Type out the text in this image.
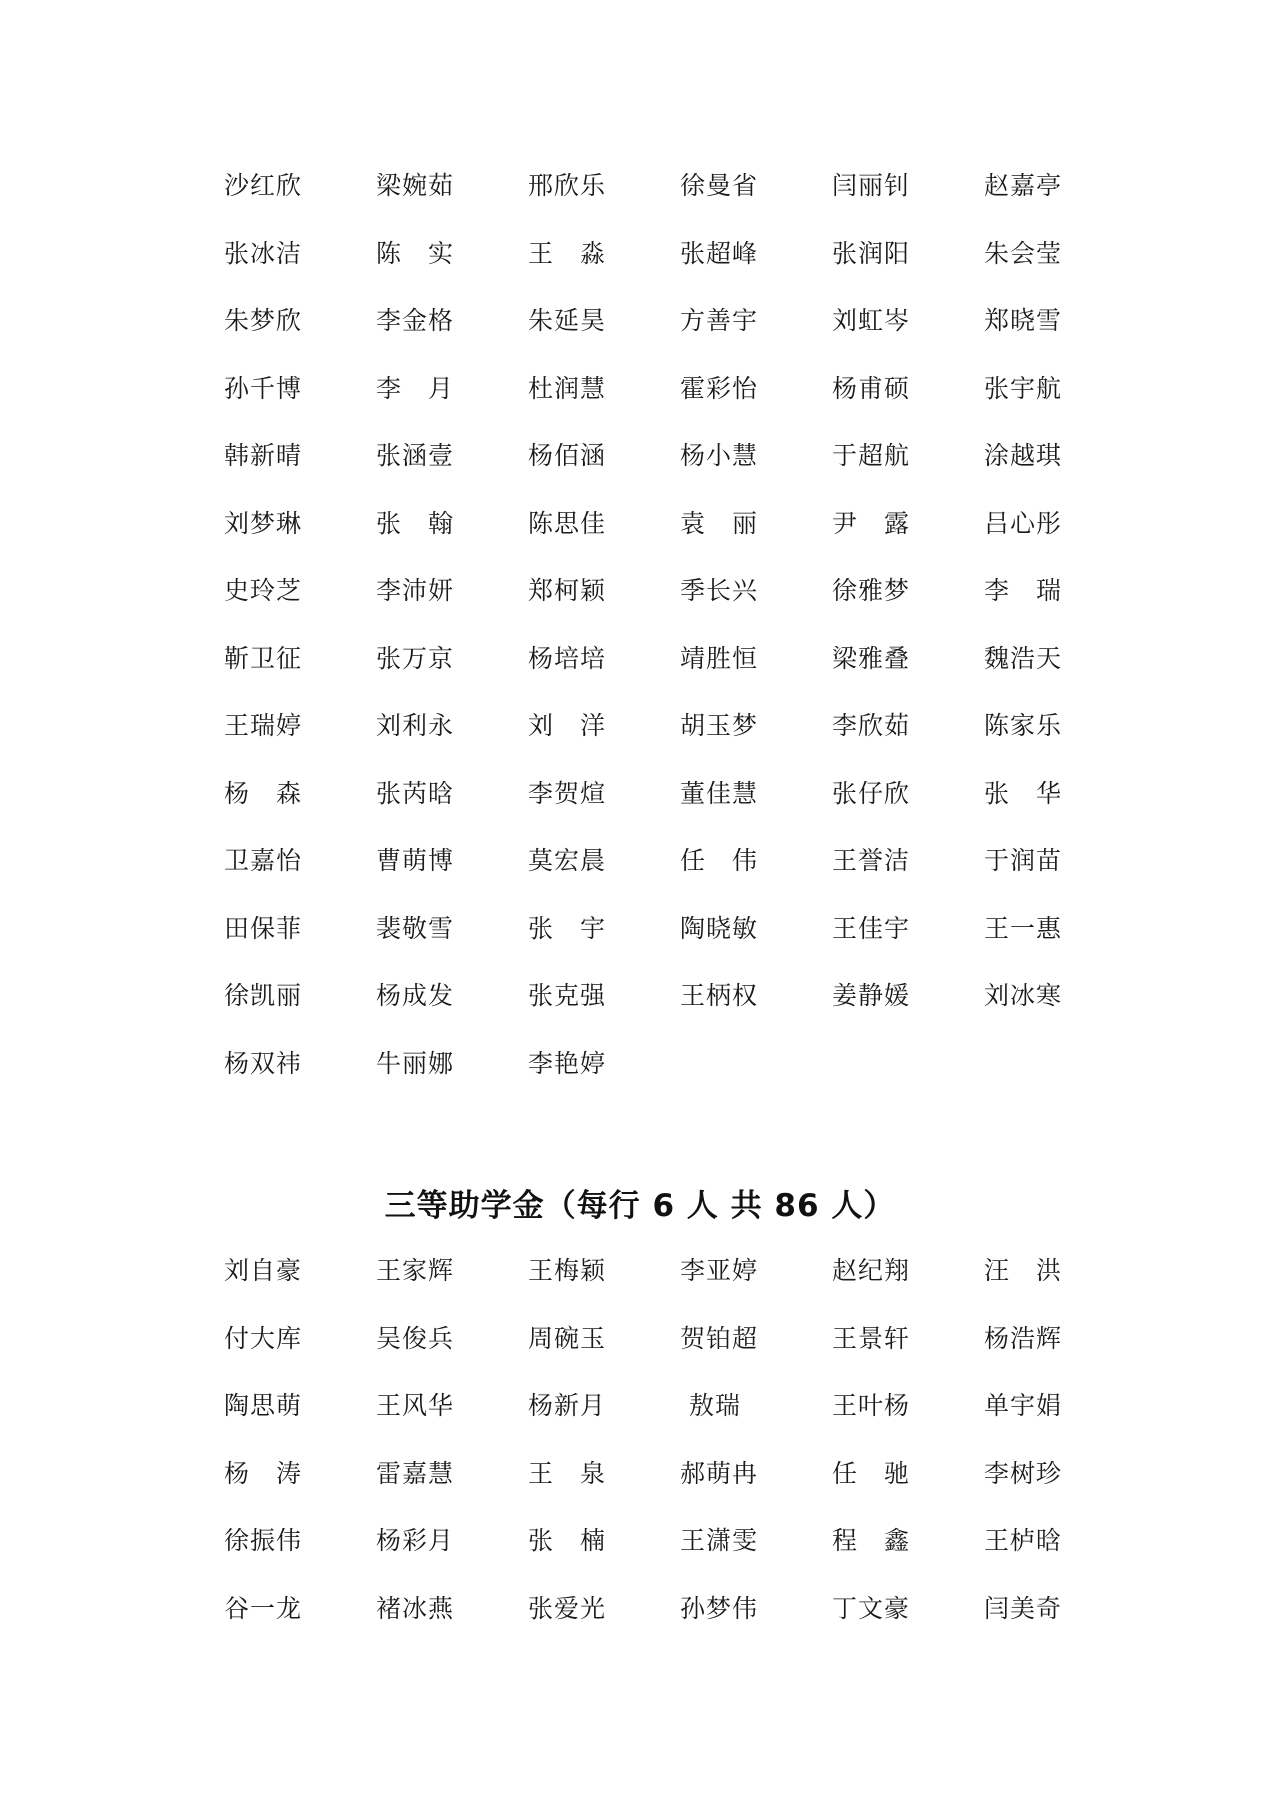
沙红欣	梁婉茹	邢欣乐	徐曼省	闫丽钊	赵嘉亭
张冰洁	陈　实	王　淼	张超峰	张润阳	朱会莹
朱梦欣	李金格	朱延昊	方善宇	刘虹岑	郑晓雪
孙千博	李　月	杜润慧	霍彩怡	杨甫硕	张宇航
韩新晴	张涵壹	杨佰涵	杨小慧	于超航	涂越琪
刘梦琳	张　翰	陈思佳	袁　丽	尹　露	吕心彤
史玲芝	李沛妍	郑柯颖	季长兴	徐雅梦	李　瑞
靳卫征	张万京	杨培培	靖胜恒	梁雅叠	魏浩天
王瑞婷	刘利永	刘　洋	胡玉梦	李欣茹	陈家乐
杨　森	张芮晗	李贺煊	董佳慧	张仔欣	张　华
卫嘉怡	曹萌博	莫宏晨	任　伟	王誉洁	于润苗
田保菲	裴敬雪	张　宇	陶晓敏	王佳宇	王一惠
徐凯丽	杨成发	张克强	王柄权	姜静媛	刘冰寒
杨双祎	牛丽娜	李艳婷
三等助学金（每行 6 人 共 86 人）
刘自豪	王家辉	王梅颖	李亚婷	赵纪翔	汪　洪
付大库	吴俊兵	周碗玉	贺铂超	王景轩	杨浩辉
陶思萌	王风华	杨新月	敖瑞	王叶杨	单宇娟
杨　涛	雷嘉慧	王　泉	郝萌冉	任　驰	李树珍
徐振伟	杨彩月	张　楠	王潇雯	程　鑫	王栌晗
谷一龙	褚冰燕	张爱光	孙梦伟	丁文豪	闫美奇
